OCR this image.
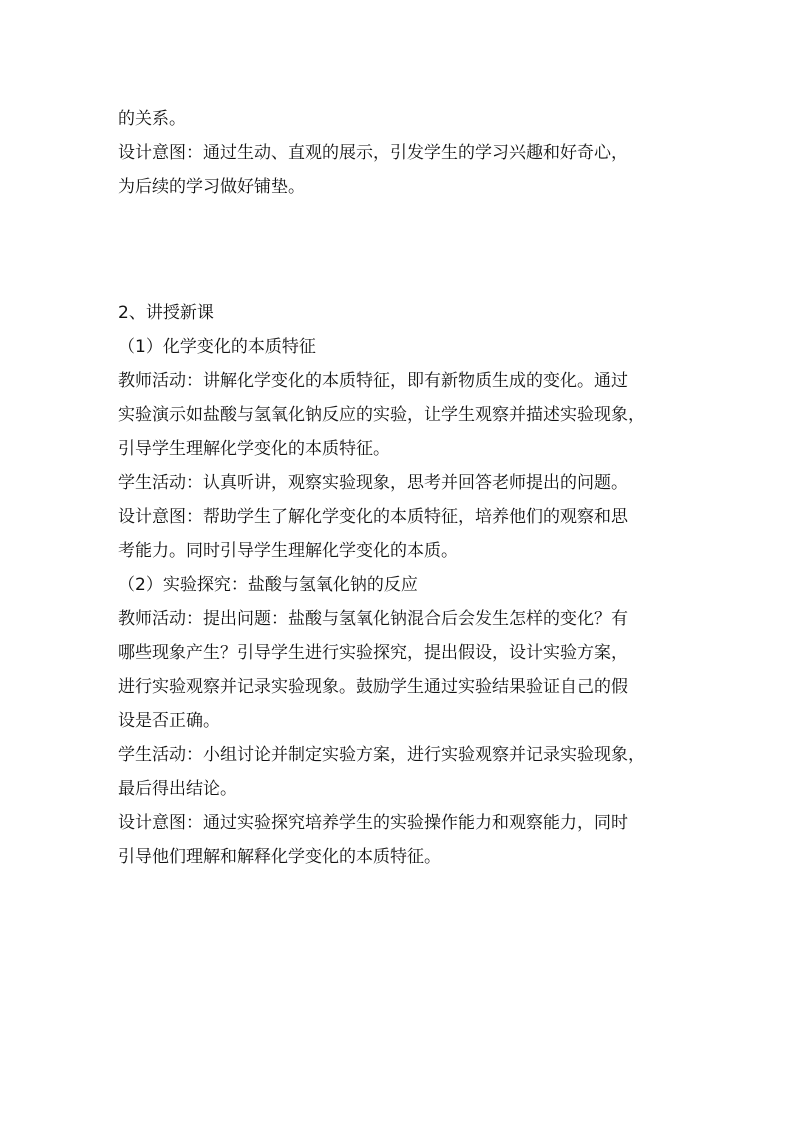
的关系。
设计意图：通过生动、直观的展示，引发学生的学习兴趣和好奇心，
为后续的学习做好铺垫。
2、讲授新课
（1）化学变化的本质特征
教师活动：讲解化学变化的本质特征，即有新物质生成的变化。通过
实验演示如盐酸与氢氧化钠反应的实验，让学生观察并描述实验现象，
引导学生理解化学变化的本质特征。
学生活动：认真听讲，观察实验现象，思考并回答老师提出的问题。
设计意图：帮助学生了解化学变化的本质特征，培养他们的观察和思
考能力。同时引导学生理解化学变化的本质。
（2）实验探究：盐酸与氢氧化钠的反应
教师活动：提出问题：盐酸与氢氧化钠混合后会发生怎样的变化？有
哪些现象产生？引导学生进行实验探究，提出假设，设计实验方案，
进行实验观察并记录实验现象。鼓励学生通过实验结果验证自己的假
设是否正确。
学生活动：小组讨论并制定实验方案，进行实验观察并记录实验现象，
最后得出结论。
设计意图：通过实验探究培养学生的实验操作能力和观察能力，同时
引导他们理解和解释化学变化的本质特征。
